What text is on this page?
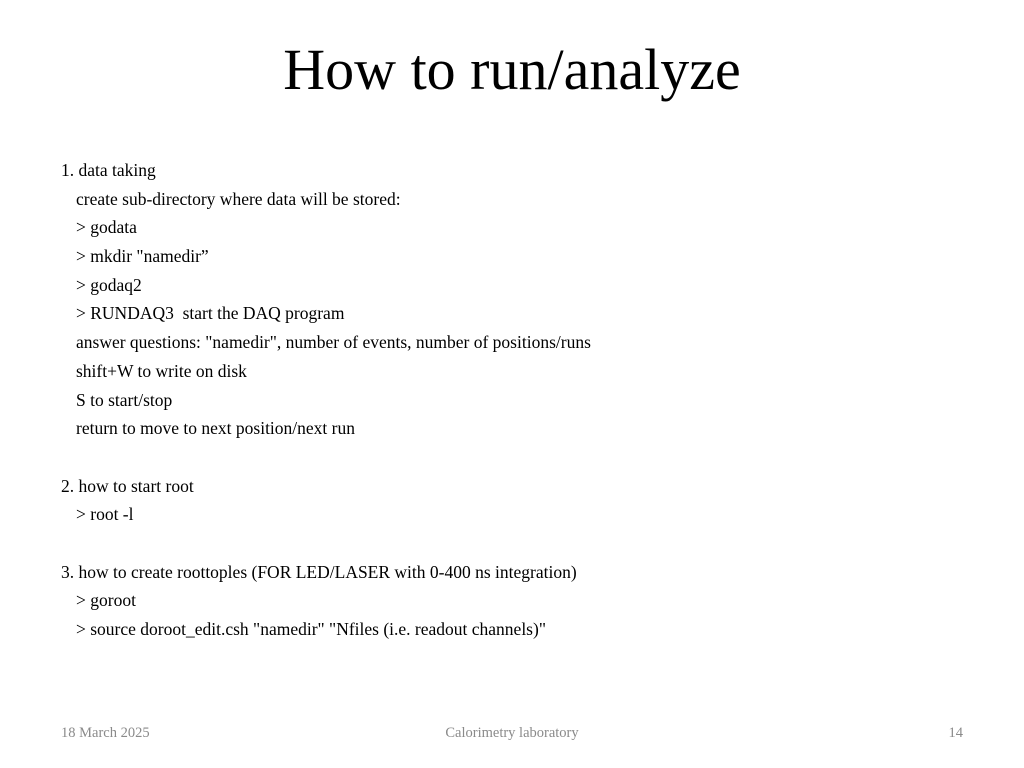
How to run/analyze
1. data taking
create sub-directory where data will be stored:
> godata
> mkdir "namedir”
> godaq2
> RUNDAQ3  start the DAQ program
answer questions: "namedir", number of events, number of positions/runs
shift+W to write on disk
S to start/stop
return to move to next position/next run
2. how to start root
> root -l
3. how to create roottoples (FOR LED/LASER with 0-400 ns integration)
> goroot
> source doroot_edit.csh "namedir" "Nfiles (i.e. readout channels)"
18 March 2025	Calorimetry laboratory	14
